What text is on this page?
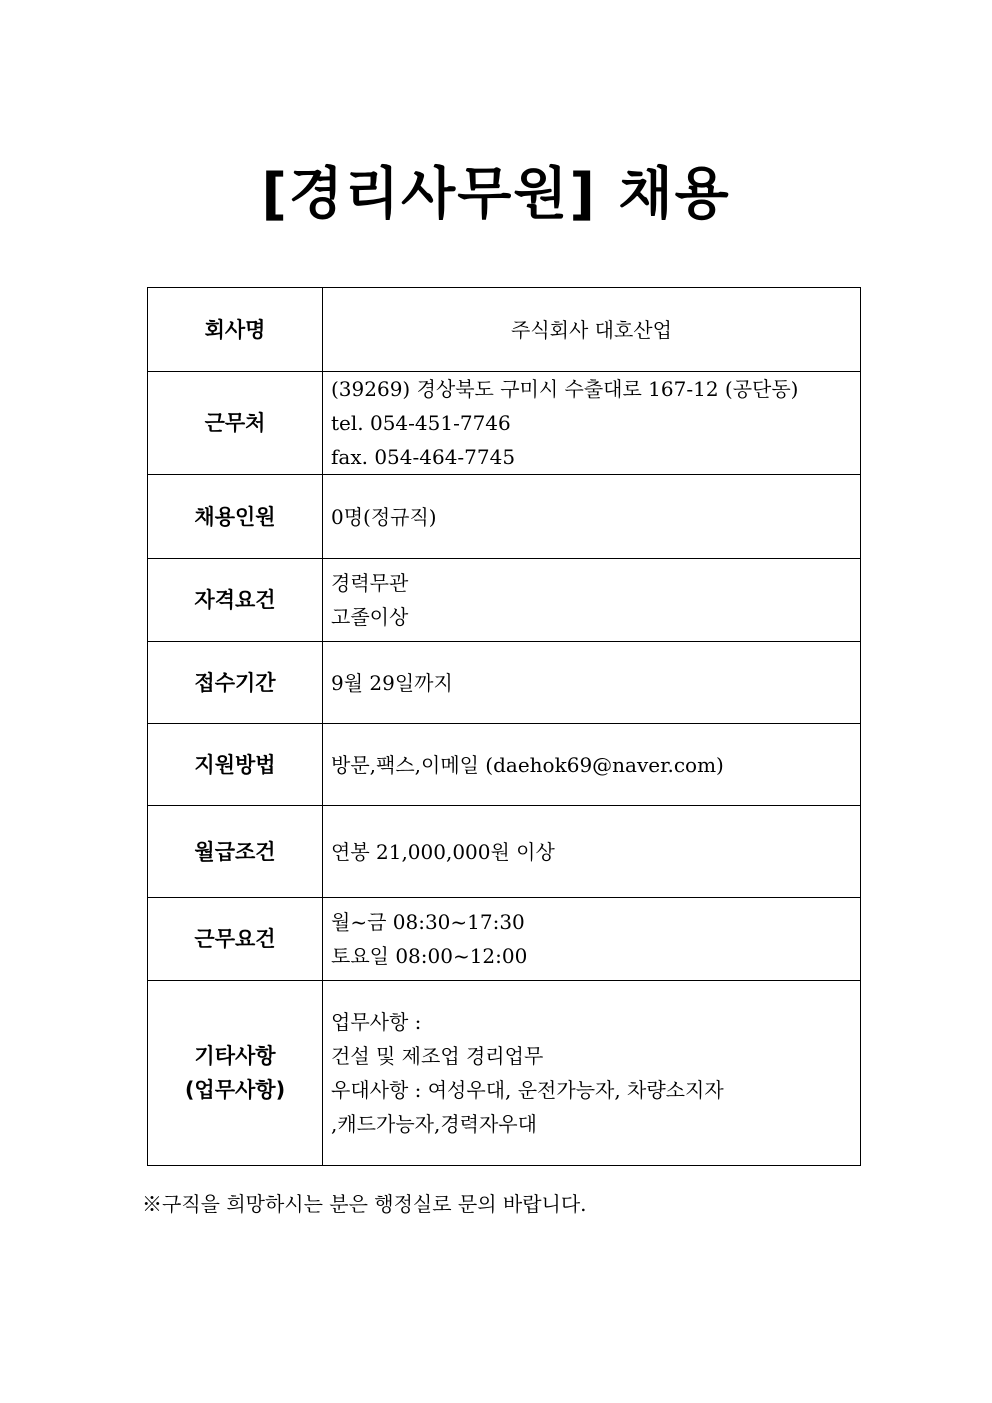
[경리사무원] 채용
회사명	주식회사 대호산업

근무처	(39269) 경상북도 구미시 수출대로 167-12 (공단동)
tel. 054-451-7746
fax. 054-464-7745

채용인원	0명(정규직)

자격요건	경력무관
고졸이상

접수기간	9월 29일까지

지원방법	방문,팩스,이메일 (daehok69@naver.com)

월급조건	연봉 21,000,000원 이상

근무요건	월~금 08:30~17:30
토요일 08:00~12:00

기타사항
(업무사항)	업무사항 :
건설 및 제조업 경리업무
우대사항 : 여성우대, 운전가능자, 차량소지자
,캐드가능자,경력자우대
※구직을 희망하시는 분은 행정실로 문의 바랍니다.
